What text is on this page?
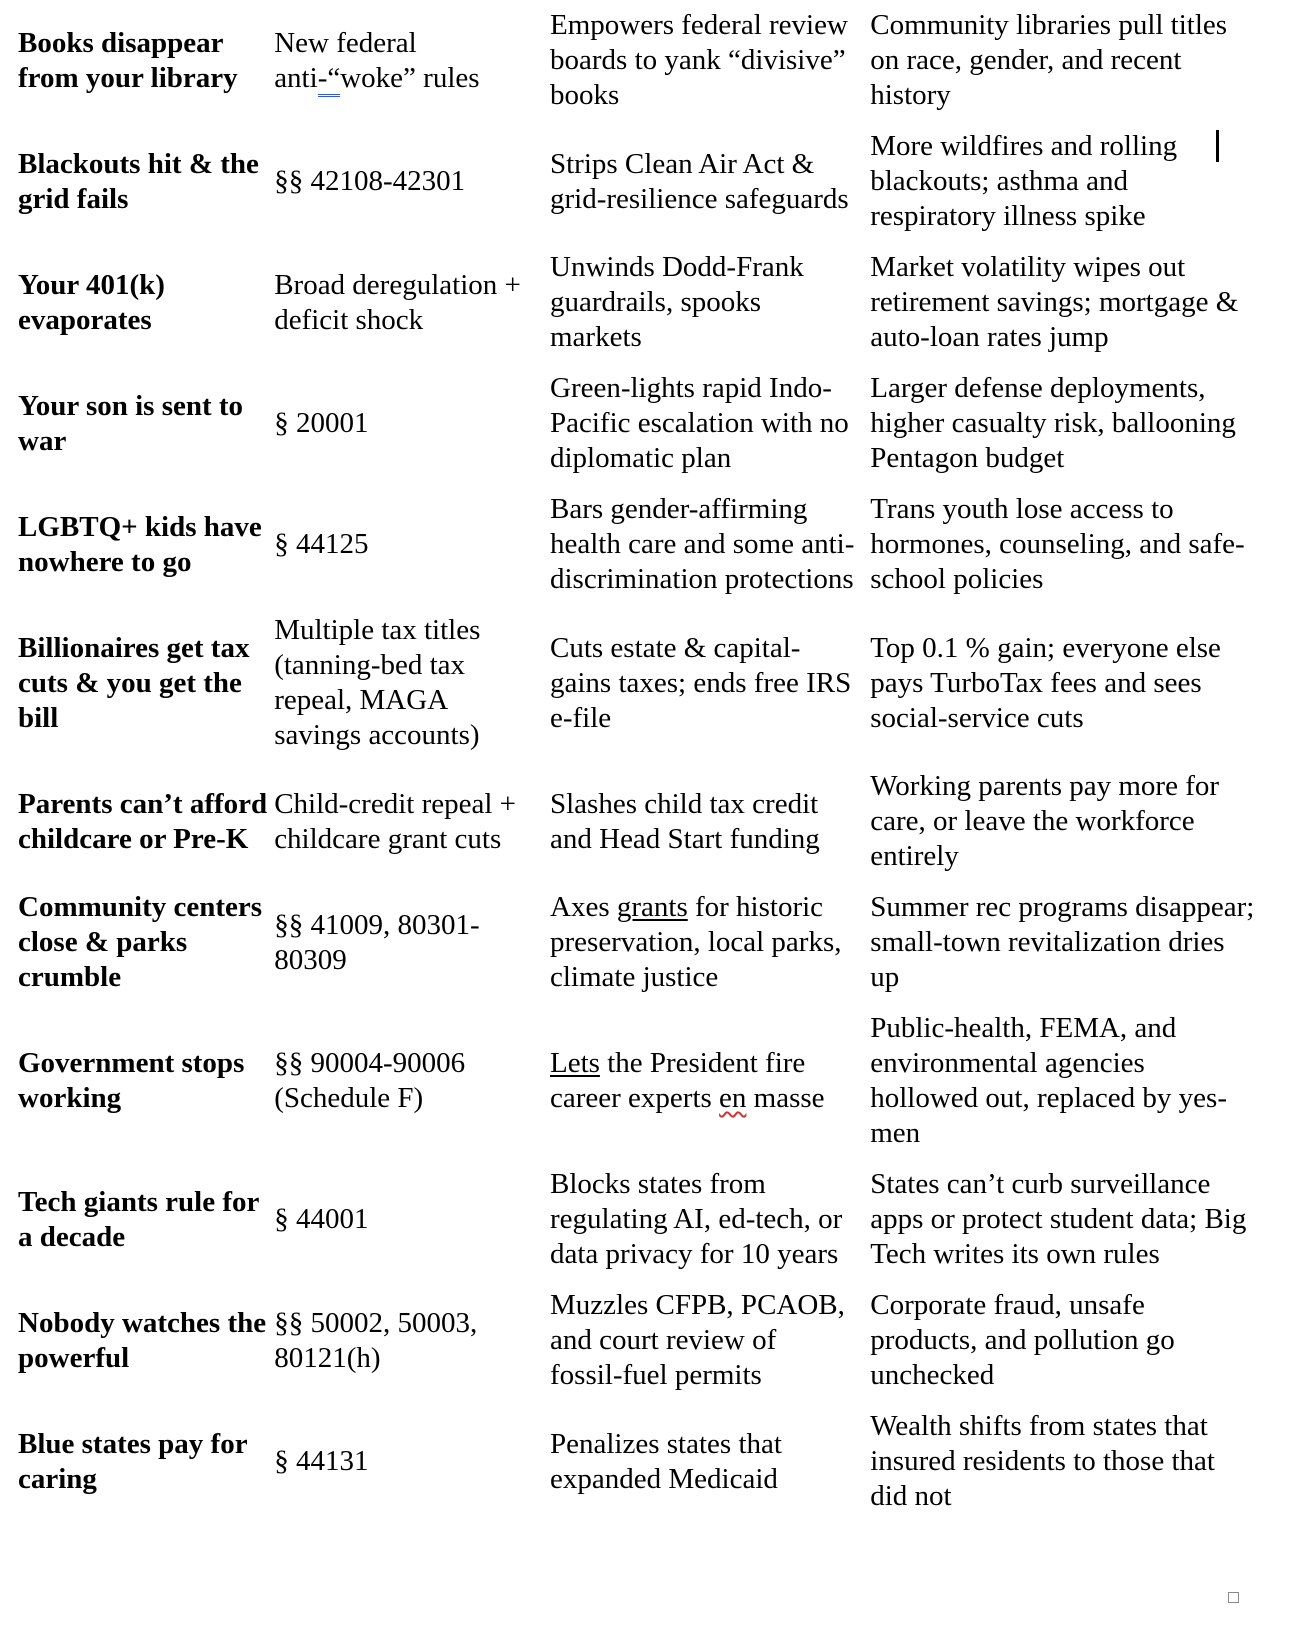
Books disappear from your library	New federal anti-“woke” rules	Empowers federal review boards to yank “divisive” books	Community libraries pull titles on race, gender, and recent history
Blackouts hit & the grid fails	§§ 42108-42301	Strips Clean Air Act & grid-resilience safeguards	More wildfires and rolling blackouts; asthma and respiratory illness spike
Your 401(k) evaporates	Broad deregulation + deficit shock	Unwinds Dodd-Frank guardrails, spooks markets	Market volatility wipes out retirement savings; mortgage & auto-loan rates jump
Your son is sent to war	§ 20001	Green-lights rapid Indo-Pacific escalation with no diplomatic plan	Larger defense deployments, higher casualty risk, ballooning Pentagon budget
LGBTQ+ kids have nowhere to go	§ 44125	Bars gender-affirming health care and some anti-discrimination protections	Trans youth lose access to hormones, counseling, and safe-school policies
Billionaires get tax cuts & you get the bill	Multiple tax titles (tanning-bed tax repeal, MAGA savings accounts)	Cuts estate & capital-gains taxes; ends free IRS e-file	Top 0.1 % gain; everyone else pays TurboTax fees and sees social-service cuts
Parents can’t afford childcare or Pre-K	Child-credit repeal + childcare grant cuts	Slashes child tax credit and Head Start funding	Working parents pay more for care, or leave the workforce entirely
Community centers close & parks crumble	§§ 41009, 80301-80309	Axes grants for historic preservation, local parks, climate justice	Summer rec programs disappear; small-town revitalization dries up
Government stops working	§§ 90004-90006 (Schedule F)	Lets the President fire career experts en masse	Public-health, FEMA, and environmental agencies hollowed out, replaced by yes-men
Tech giants rule for a decade	§ 44001	Blocks states from regulating AI, ed-tech, or data privacy for 10 years	States can’t curb surveillance apps or protect student data; Big Tech writes its own rules
Nobody watches the powerful	§§ 50002, 50003, 80121(h)	Muzzles CFPB, PCAOB, and court review of fossil-fuel permits	Corporate fraud, unsafe products, and pollution go unchecked
Blue states pay for caring	§ 44131	Penalizes states that expanded Medicaid	Wealth shifts from states that insured residents to those that did not
